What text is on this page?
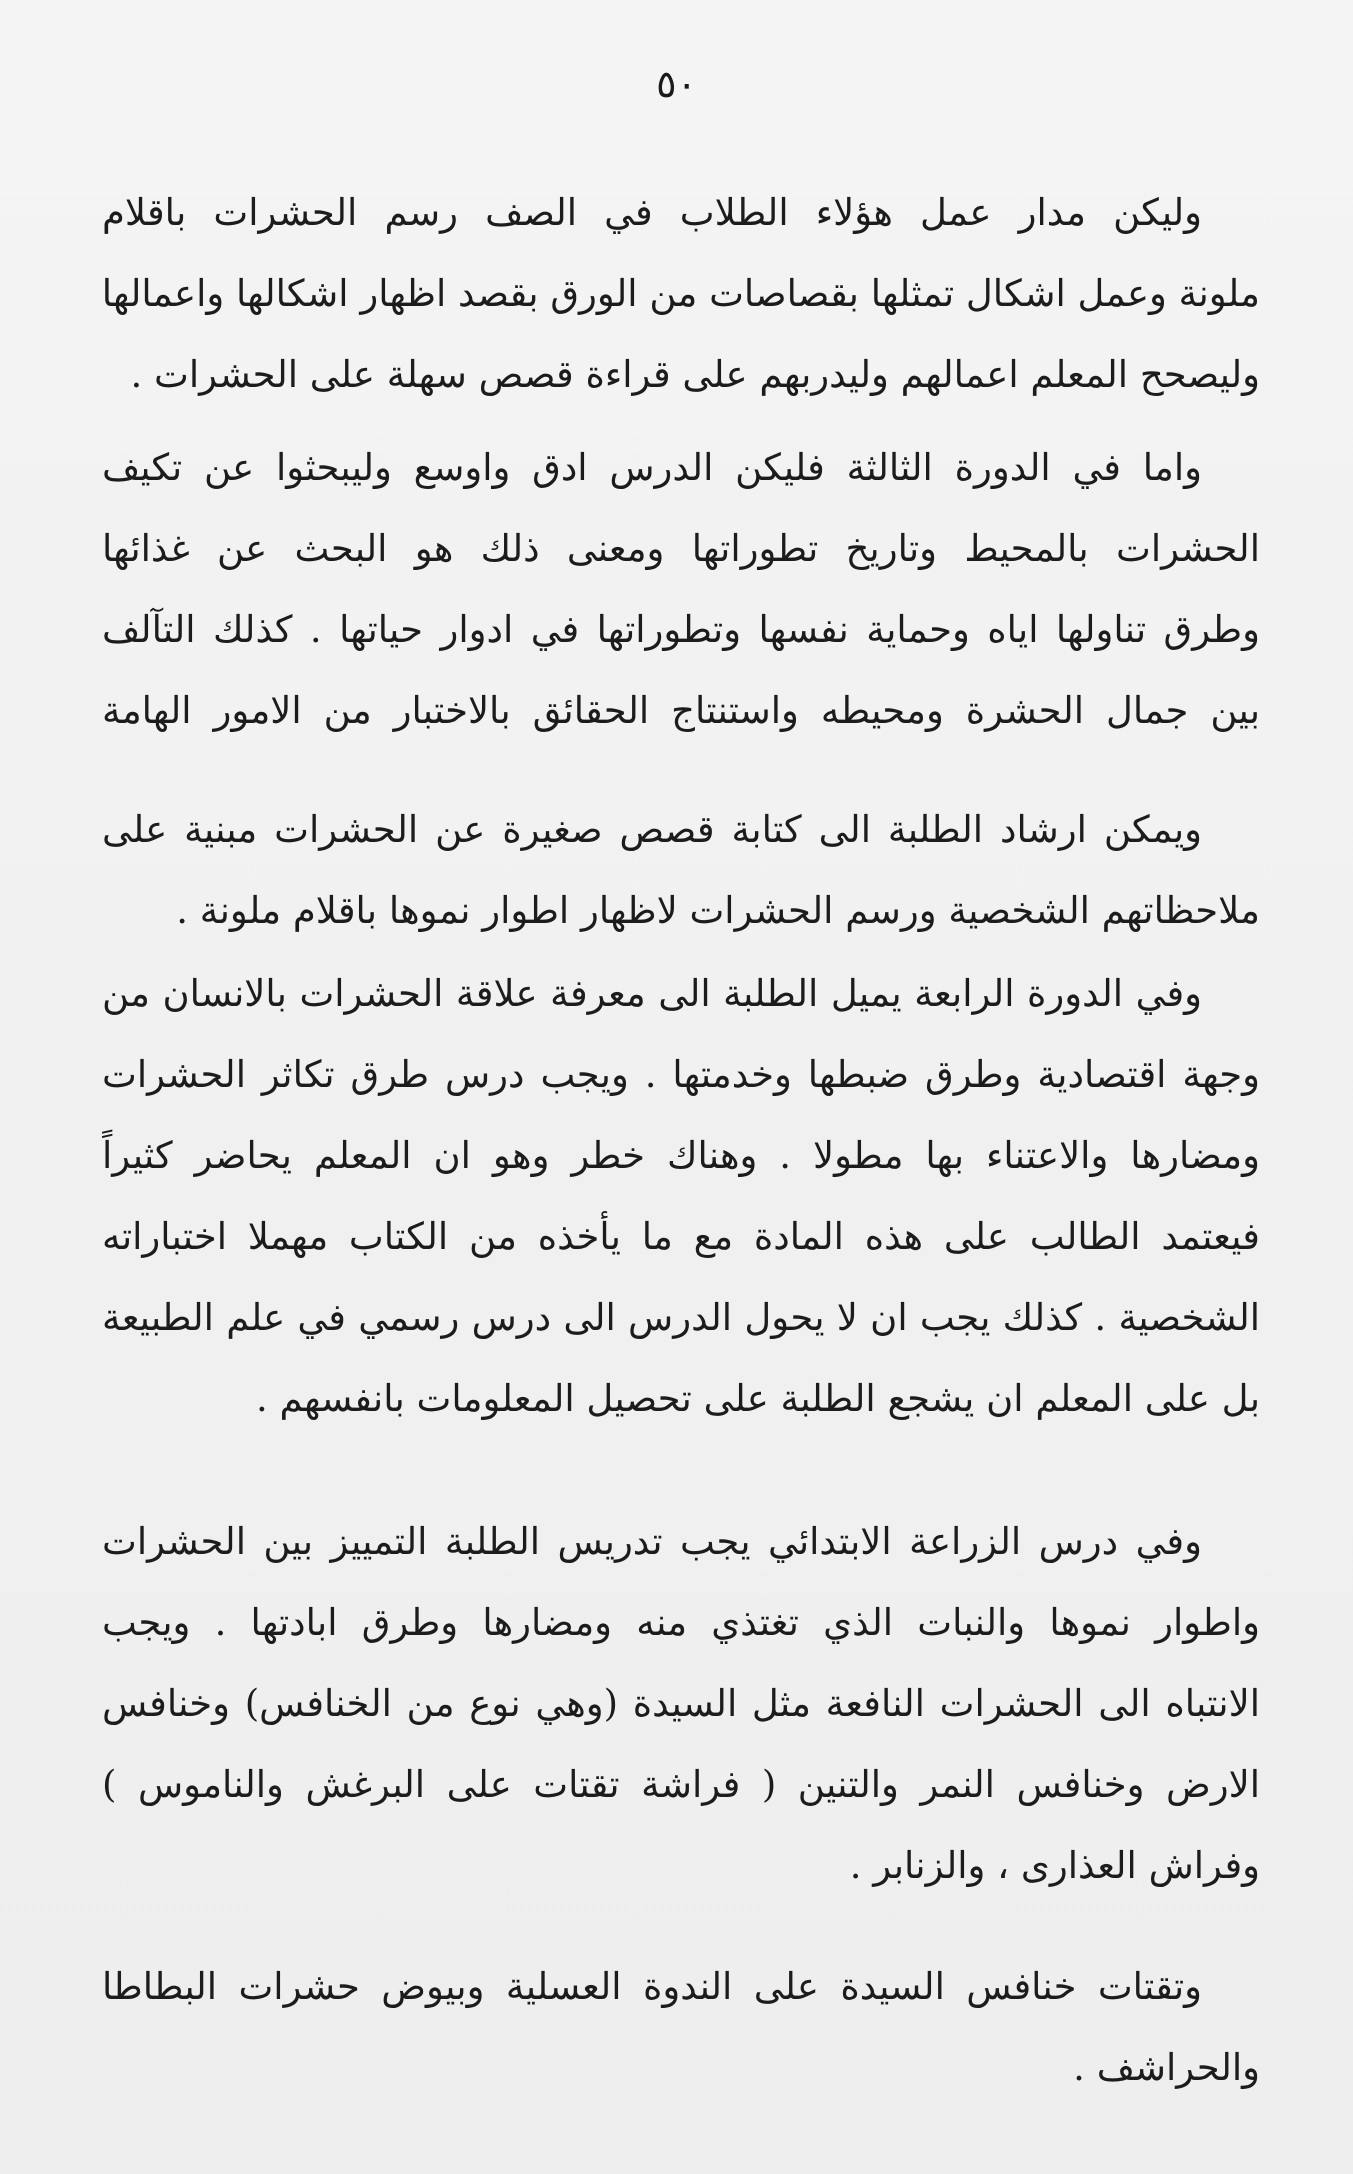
٥٠
وليكن مدار عمل هؤلاء الطلاب في الصف رسم الحشرات باقلام
ملونة وعمل اشكال تمثلها بقصاصات من الورق بقصد اظهار اشكالها واعمالها
وليصحح المعلم اعمالهم وليدربهم على قراءة قصص سهلة على الحشرات .
واما في الدورة الثالثة فليكن الدرس ادق واوسع وليبحثوا عن تكيف
الحشرات بالمحيط وتاريخ تطوراتها ومعنى ذلك هو البحث عن غذائها
وطرق تناولها اياه وحماية نفسها وتطوراتها في ادوار حياتها . كذلك التآلف
بين جمال الحشرة ومحيطه واستنتاج الحقائق بالاختبار من الامور الهامة
ويمكن ارشاد الطلبة الى كتابة قصص صغيرة عن الحشرات مبنية على
ملاحظاتهم الشخصية ورسم الحشرات لاظهار اطوار نموها باقلام ملونة .
وفي الدورة الرابعة يميل الطلبة الى معرفة علاقة الحشرات بالانسان من
وجهة اقتصادية وطرق ضبطها وخدمتها . ويجب درس طرق تكاثر الحشرات
ومضارها والاعتناء بها مطولا . وهناك خطر وهو ان المعلم يحاضر كثيراً
فيعتمد الطالب على هذه المادة مع ما يأخذه من الكتاب مهملا اختباراته
الشخصية . كذلك يجب ان لا يحول الدرس الى درس رسمي في علم الطبيعة
بل على المعلم ان يشجع الطلبة على تحصيل المعلومات بانفسهم .
وفي درس الزراعة الابتدائي يجب تدريس الطلبة التمييز بين الحشرات
واطوار نموها والنبات الذي تغتذي منه ومضارها وطرق ابادتها . ويجب
الانتباه الى الحشرات النافعة مثل السيدة (وهي نوع من الخنافس) وخنافس
الارض وخنافس النمر والتنين ( فراشة تقتات على البرغش والناموس )
وفراش العذارى ، والزنابر .
وتقتات خنافس السيدة على الندوة العسلية وبيوض حشرات البطاطا
والحراشف .
